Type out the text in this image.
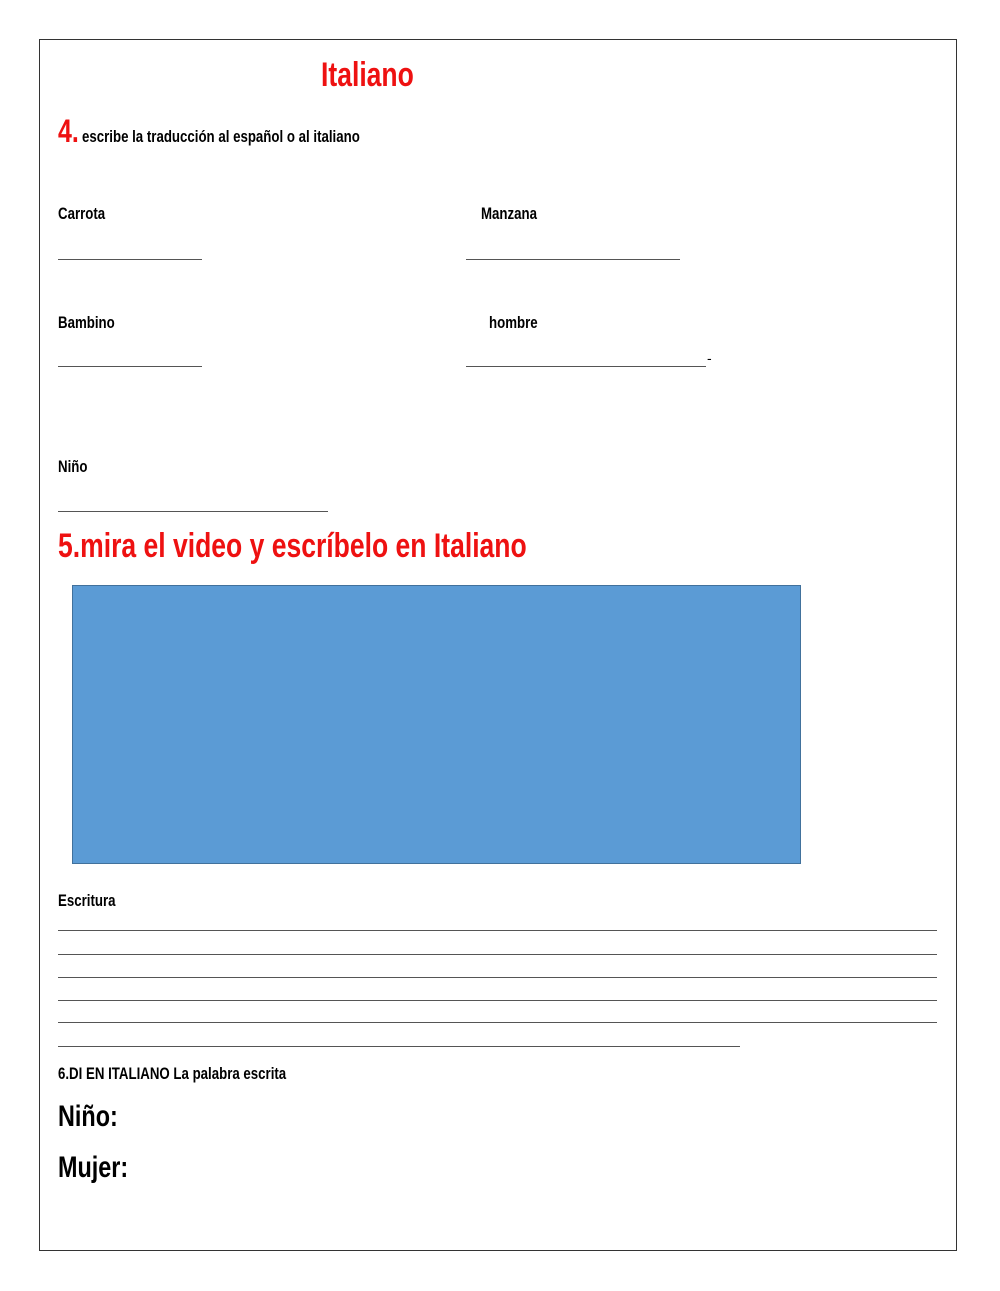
Italiano
4. escribe la traducción al español o al italiano
Carrota	Manzana
Bambino	hombre
-
Niño
5.mira el video y escríbelo en Italiano
Escritura
6.DI EN ITALIANO La palabra escrita
Niño:
Mujer:
